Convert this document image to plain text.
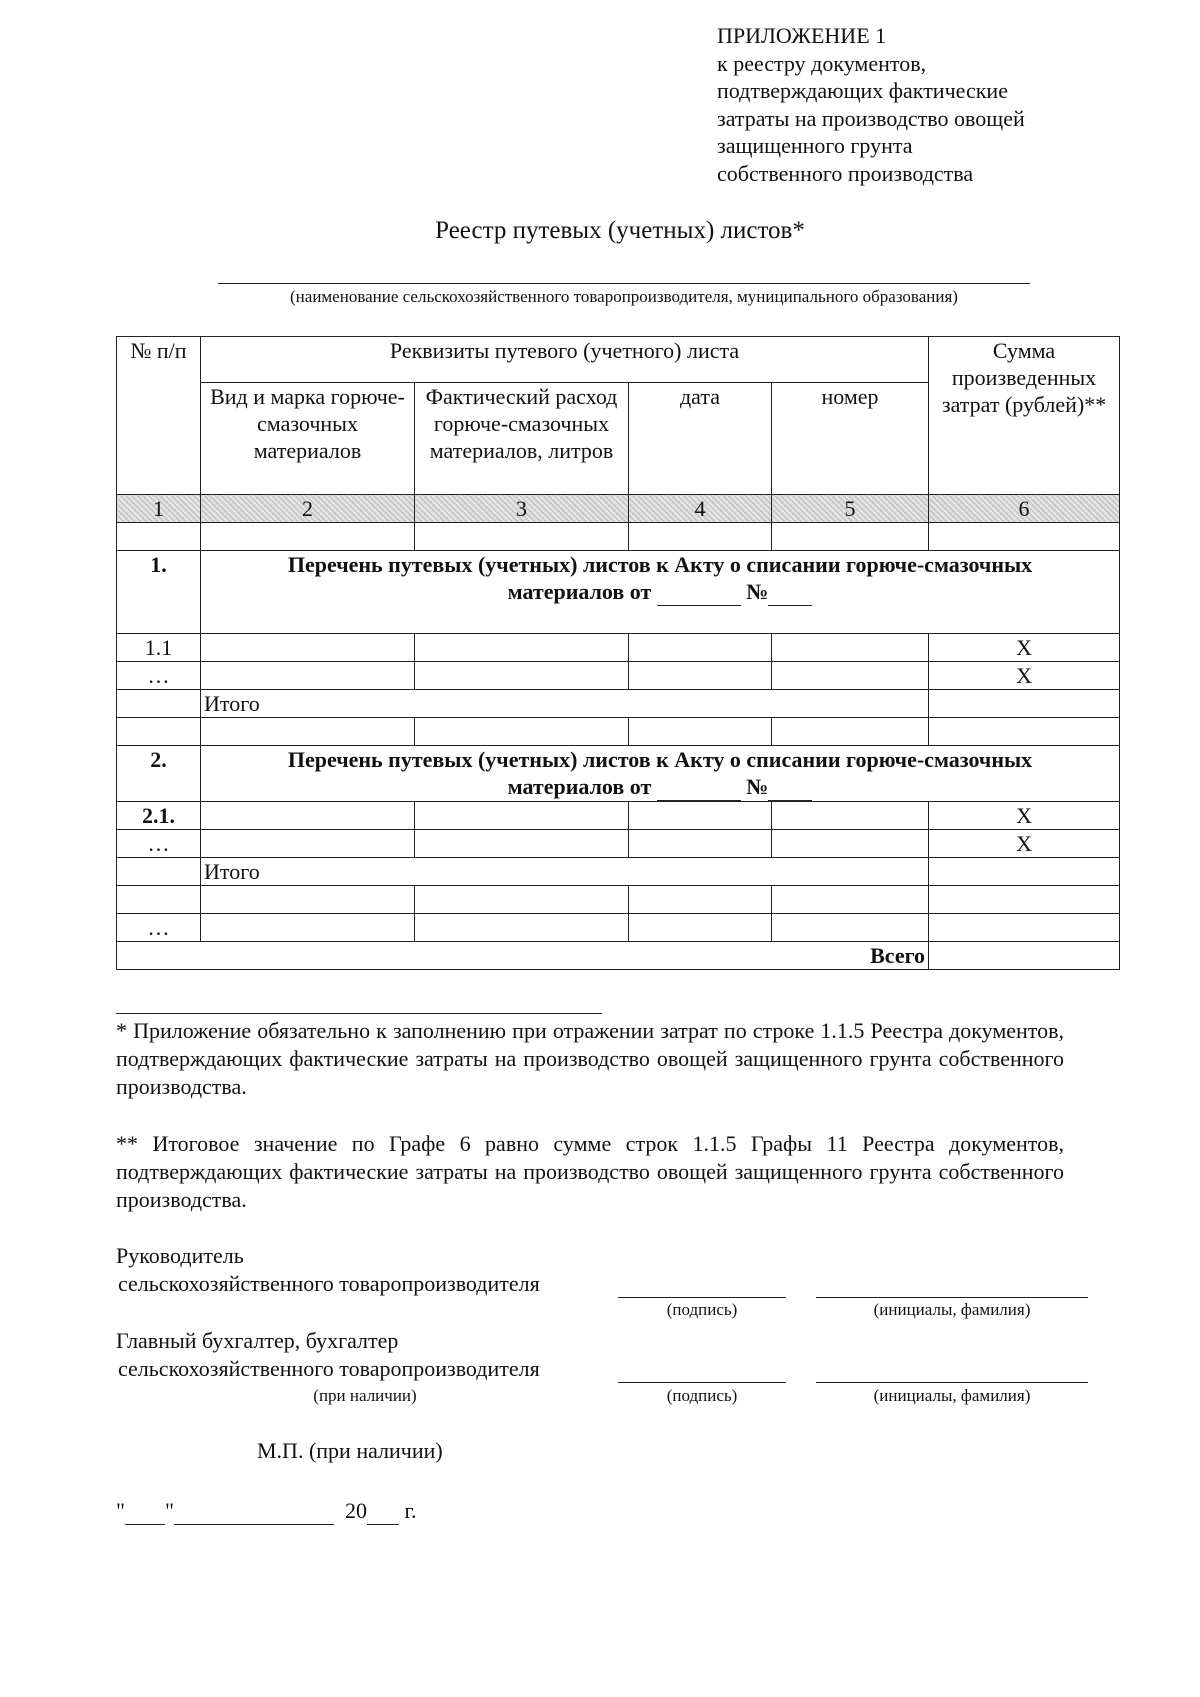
ПРИЛОЖЕНИЕ 1
к реестру документов,
подтверждающих фактические
затраты на производство овощей
защищенного грунта
собственного производства
Реестр путевых (учетных) листов*
(наименование сельскохозяйственного товаропроизводителя, муниципального образования)
№ п/п	Реквизиты путевого (учетного) листа				Сумма произведенных затрат (рублей)**
	Вид и марка горюче-смазочных материалов	Фактический расход горюче-смазочных материалов, литров	дата	номер	
1	2	3	4	5	6

1.	Перечень путевых (учетных) листов к Акту о списании горюче-смазочных
материалов от №				
1.1					Х
…					Х
	Итого				

2.	Перечень путевых (учетных) листов к Акту о списании горюче-смазочных
материалов от №				
2.1.					Х
…					Х
	Итого				

…					
Всего					
* Приложение обязательно к заполнению при отражении затрат по строке 1.1.5 Реестра документов, подтверждающих фактические затраты на производство овощей защищенного грунта собственного производства.
** Итоговое значение по Графе 6 равно сумме строк 1.1.5 Графы 11 Реестра документов, подтверждающих фактические затраты на производство овощей защищенного грунта собственного производства.
Руководитель
сельскохозяйственного товаропроизводителя
(подпись)	(инициалы, фамилия)
Главный бухгалтер, бухгалтер
сельскохозяйственного товаропроизводителя
(при наличии)	(подпись)	(инициалы, фамилия)
М.П. (при наличии)
" "	20 г.
